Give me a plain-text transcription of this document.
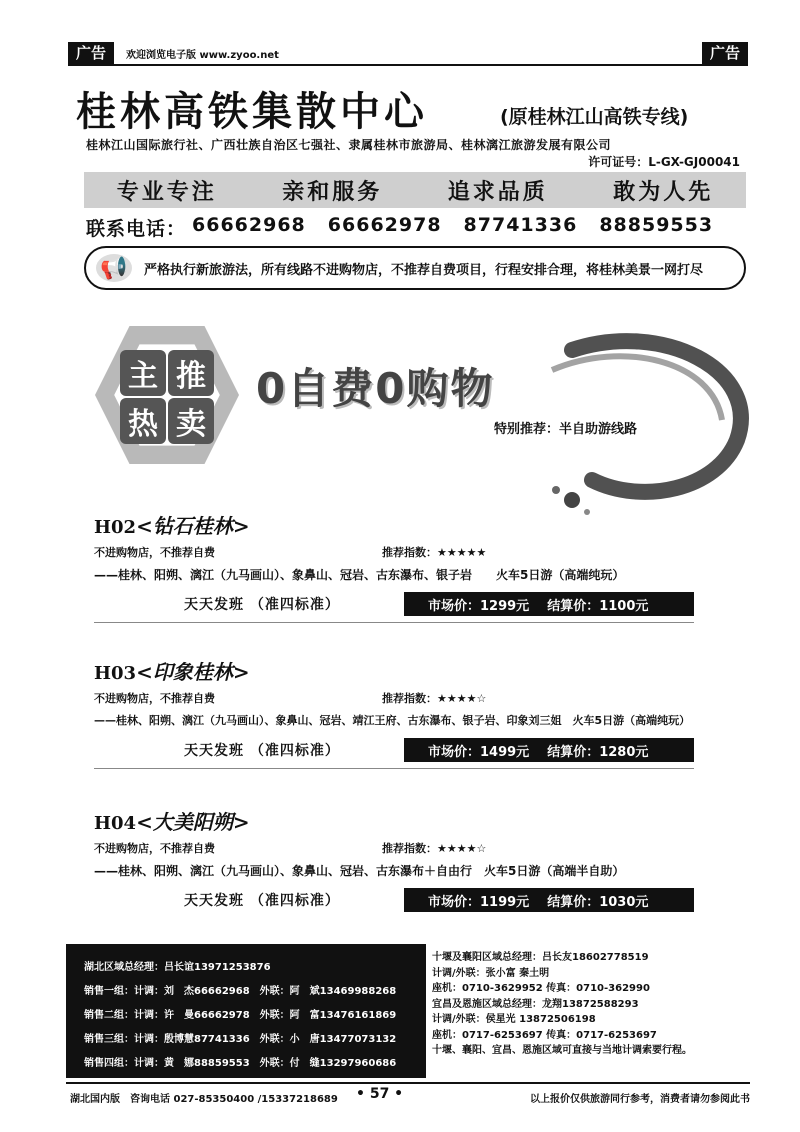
广告	欢迎浏览电子版 www.zyoo.net	广告
桂林高铁集散中心	(原桂林江山高铁专线)
桂林江山国际旅行社、广西壮族自治区七强社、隶属桂林市旅游局、桂林漓江旅游发展有限公司
许可证号：L-GX-GJ00041
专业专注	亲和服务	追求品质	敢为人先
联系电话： 66662968 66662978 87741336 88859553
📢	严格执行新旅游法，所有线路不进购物店，不推荐自费项目，行程安排合理，将桂林美景一网打尽
主 推
热 卖
0自费0购物
特别推荐：半自助游线路
H02<钻石桂林>
不进购物店，不推荐自费	推荐指数：★★★★★
——桂林、阳朔、漓江（九马画山）、象鼻山、冠岩、古东瀑布、银子岩　　火车5日游（高端纯玩）
天天发班 （准四标准）	市场价：1299元 结算价：1100元
H03<印象桂林>
不进购物店，不推荐自费	推荐指数：★★★★☆
——桂林、阳朔、漓江（九马画山）、象鼻山、冠岩、靖江王府、古东瀑布、银子岩、印象刘三姐　火车5日游（高端纯玩）
天天发班 （准四标准）	市场价：1499元 结算价：1280元
H04<大美阳朔>
不进购物店，不推荐自费	推荐指数：★★★★☆
——桂林、阳朔、漓江（九马画山）、象鼻山、冠岩、古东瀑布＋自由行　火车5日游（高端半自助）
天天发班 （准四标准）	市场价：1199元 结算价：1030元
湖北区域总经理：吕长谊13971253876
销售一组：计调：刘　杰66662968　外联：阿　斌13469988268
销售二组：计调：许　曼66662978　外联：阿　富13476161869
销售三组：计调：殷博慧87741336　外联：小　唐13477073132
销售四组：计调：黄　娜88859553　外联：付　缝13297960686
十堰及襄阳区域总经理：吕长友18602778519
计调/外联：张小富 秦土明
座机：0710-3629952 传真：0710-362990
宜昌及恩施区域总经理：龙翔13872588293
计调/外联：侯星光 13872506198
座机：0717-6253697 传真：0717-6253697
十堰、襄阳、宜昌、恩施区域可直接与当地计调索要行程。
湖北国内版　咨询电话 027-85350400 /15337218689 • 57 •	以上报价仅供旅游同行参考，消费者请勿参阅此书
